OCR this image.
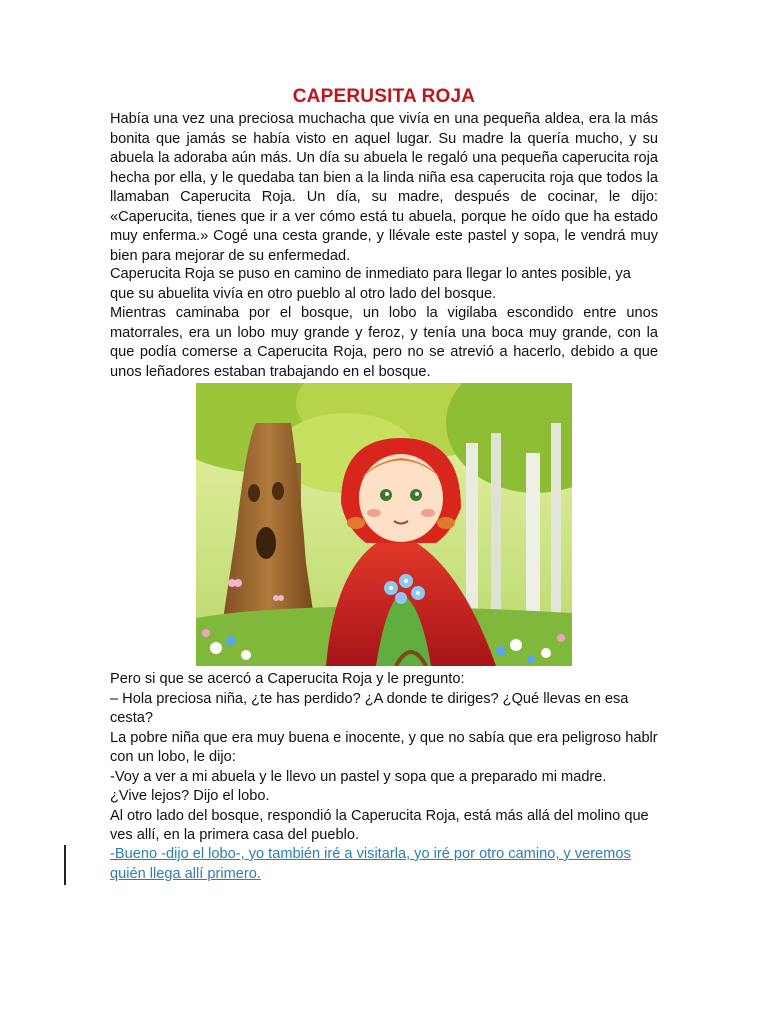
CAPERUSITA ROJA

Había una vez una preciosa muchacha que vivía en una pequeña aldea, era la más bonita que jamás se había visto en aquel lugar. Su madre la quería mucho, y su abuela la adoraba aún más. Un día su abuela le regaló una pequeña caperucita roja hecha por ella, y le quedaba tan bien a la linda niña esa caperucita roja que todos la llamaban Caperucita Roja. Un día, su madre, después de cocinar, le dijo: «Caperucita, tienes que ir a ver cómo está tu abuela, porque he oído que ha estado muy enferma.» Cogé una cesta grande, y llévale este pastel y sopa, le vendrá muy bien para mejorar de su enfermedad.

Caperucita Roja se puso en camino de inmediato para llegar lo antes posible, ya que su abuelita vivía en otro pueblo al otro lado del bosque.

Mientras caminaba por el bosque, un lobo la vigilaba escondido entre unos matorrales, era un lobo muy grande y feroz, y tenía una boca muy grande, con la que podía comerse a Caperucita Roja, pero no se atrevió a hacerlo, debido a que unos leñadores estaban trabajando en el bosque.

Pero si que se acercó a Caperucita Roja y le pregunto:

– Hola preciosa niña, ¿te has perdido? ¿A donde te diriges? ¿Qué llevas en esa cesta?

La pobre niña que era muy buena e inocente, y que no sabía que era peligroso hablr con un lobo, le dijo:

-Voy a ver a mi abuela y le llevo un pastel y sopa que a preparado mi madre.

¿Vive lejos? Dijo el lobo.

Al otro lado del bosque, respondió la Caperucita Roja, está más allá del molino que ves allí, en la primera casa del pueblo.

-Bueno -dijo el lobo-, yo también iré a visitarla, yo iré por otro camino, y veremos quién llega allí primero.
